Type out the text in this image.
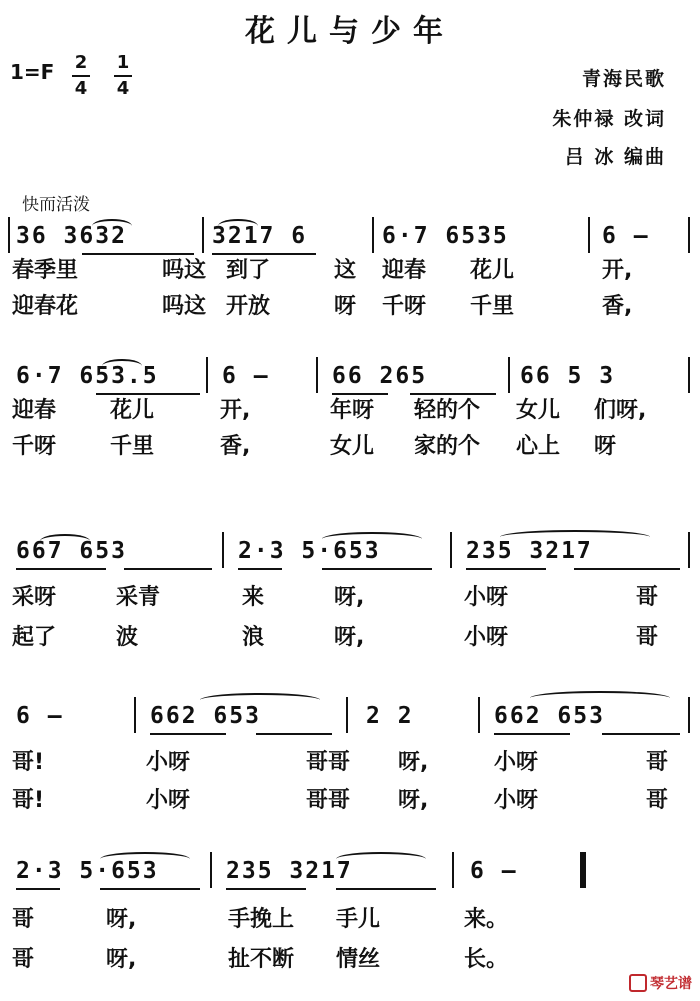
花儿与少年
1=F 2
4
1
4	青海民歌
朱仲禄 改词
吕 冰 编曲
快而活泼
36 3632	3217 6	6·7 6535	6 —
春季里	吗这 到了	这 迎春 花儿	开,
迎春花	吗这 开放	呀 千呀 千里	香,
6·7 653.5	6 —	66 265	66 5 3
迎春 花儿	开,	年呀 轻的个 女儿 们呀,
千呀 千里	香,	女儿 家的个 心上 呀
667 653	2·3 5·653	235 3217
采呀	采青	来	呀,	小呀	哥
起了	波	浪	呀,	小呀	哥
6 —	662 653	2 2	662 653
哥!	小呀	哥哥 呀,	小呀	哥
哥!	小呀	哥哥 呀,	小呀	哥
2·3 5·653	235 3217	6 —
哥	呀,	手挽上 手儿	来。
哥	呀,	扯不断 情丝	长。
琴艺谱
